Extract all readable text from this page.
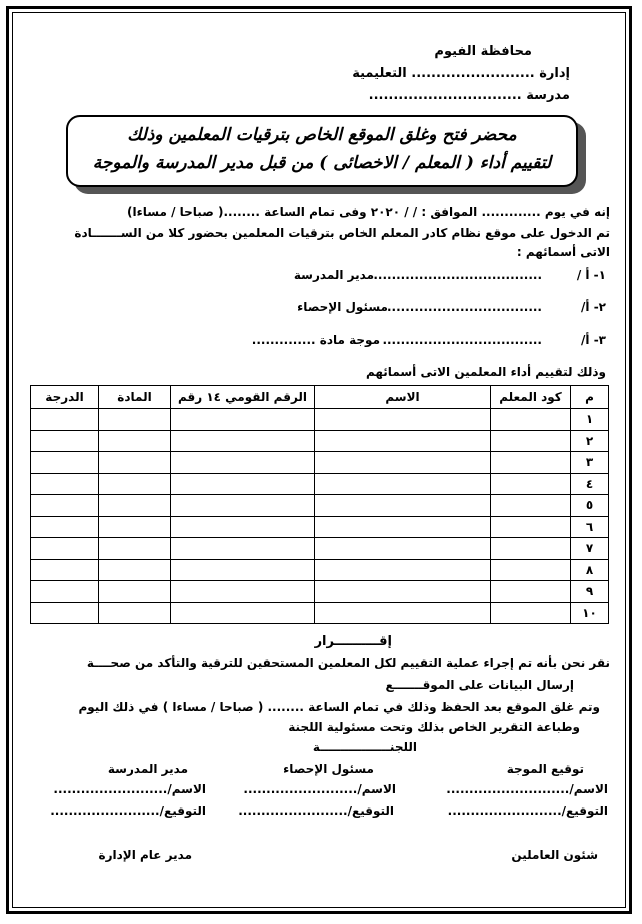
محافظة الفيوم
إدارة ......................... التعليمية
مدرسة ...............................
محضر فتح وغلق الموقع الخاص بترقيات المعلمين وذلك
لتقييم أداء ( المعلم / الاخصائى ) من قبل مدير المدرسة والموجة
إنه في يوم ............. الموافق : / / ٢٠٢٠ وفى تمام الساعة ........( صباحا / مساءا)
تم الدخول على موقع نظام كادر المعلم الخاص بترقيات المعلمين بحضور كلا من الســـــــادة
الاتى أسمائهم :
١- أ /
.....................................
مدير المدرسة
٢- أ/
..................................
مسئول الإحصاء
٣- أ/
...................................
موجة مادة ..............
وذلك لتقييم أداء المعلمين الاتى أسمائهم
م	كود المعلم	الاسم	الرقم القومي ١٤ رقم	المادة	الدرجة
١					
٢					
٣					
٤					
٥					
٦					
٧					
٨					
٩					
١٠					
إقــــــــــرار
نقر نحن بأنه تم إجراء عملية التقييم لكل المعلمين المستحقين للترقية والتأكد من صحــــة
إرسال البيانات على الموقـــــــع
وتم غلق الموقع بعد الحفظ وذلك في تمام الساعة ........ ( صباحا / مساءا ) في ذلك اليوم
وطباعة التقرير الخاص بذلك وتحت مسئولية اللجنة
اللجنـــــــــــــــــة
توقيع الموجة
الاسم/...........................
التوقيع/.........................
مسئول الإحصاء
الاسم/.........................
التوقيع/........................
مدير المدرسة
الاسم/.........................
التوقيع/........................
شئون العاملين
مدير عام الإدارة
